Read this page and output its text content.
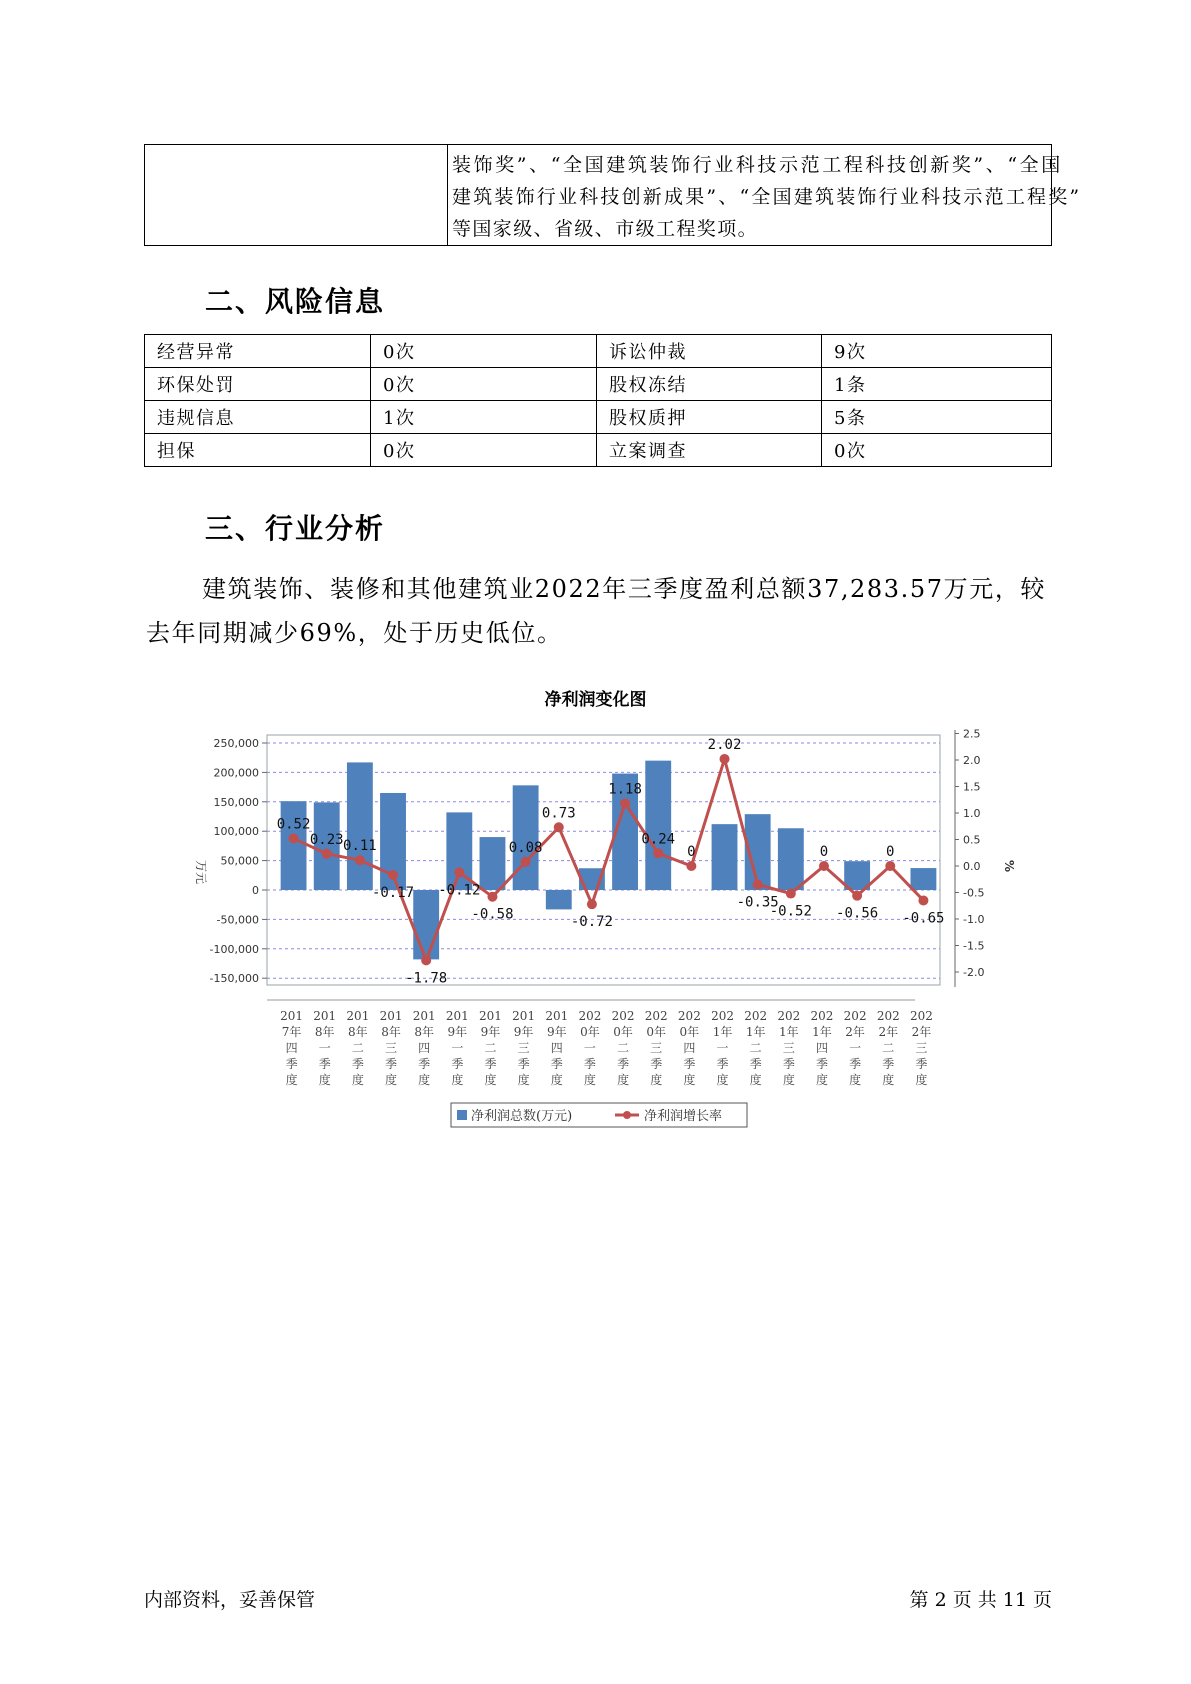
装饰奖”、“全国建筑装饰行业科技示范工程科技创新奖”、“全国
建筑装饰行业科技创新成果”、“全国建筑装饰行业科技示范工程奖”
等国家级、省级、市级工程奖项。
二、风险信息
经营异常	0次	诉讼仲裁	9次
环保处罚	0次	股权冻结	1条
违规信息	1次	股权质押	5条
担保	0次	立案调查	0次
三、行业分析

建筑装饰、装修和其他建筑业2022年三季度盈利总额37,283.57万元，较去年同期减少69%，处于历史低位。

净利润变化图
250,000
200,000
150,000
100,000
50,000
0
-50,000
-100,000
-150,000
万元
2.5
2.0
1.5
1.0
0.5
0.0
-0.5
-1.0
-1.5
-2.0
%
0.52
0.23 0.11
-0.17
-1.78
-0.12
-0.58
0.08
0.73
-0.72
1.18
0.24
0
2.02
-0.35
-0.52
0
-0.56
0
-0.65
201
7年
四
季
度
201
8年
一
季
度
201
8年
二
季
度
201
8年
三
季
度
201
8年
四
季
度
201
9年
一
季
度
201
9年
二
季
度
201
9年
三
季
度
201
9年
四
季
度
202
0年
一
季
度
202
0年
二
季
度
202
0年
三
季
度
202
0年
四
季
度
202
1年
一
季
度
202
1年
二
季
度
202
1年
三
季
度
202
1年
四
季
度
202
2年
一
季
度
202
2年
二
季
度
202
2年
三
季
度
净利润总数(万元)	净利润增长率
内部资料，妥善保管	第 2 页 共 11 页
